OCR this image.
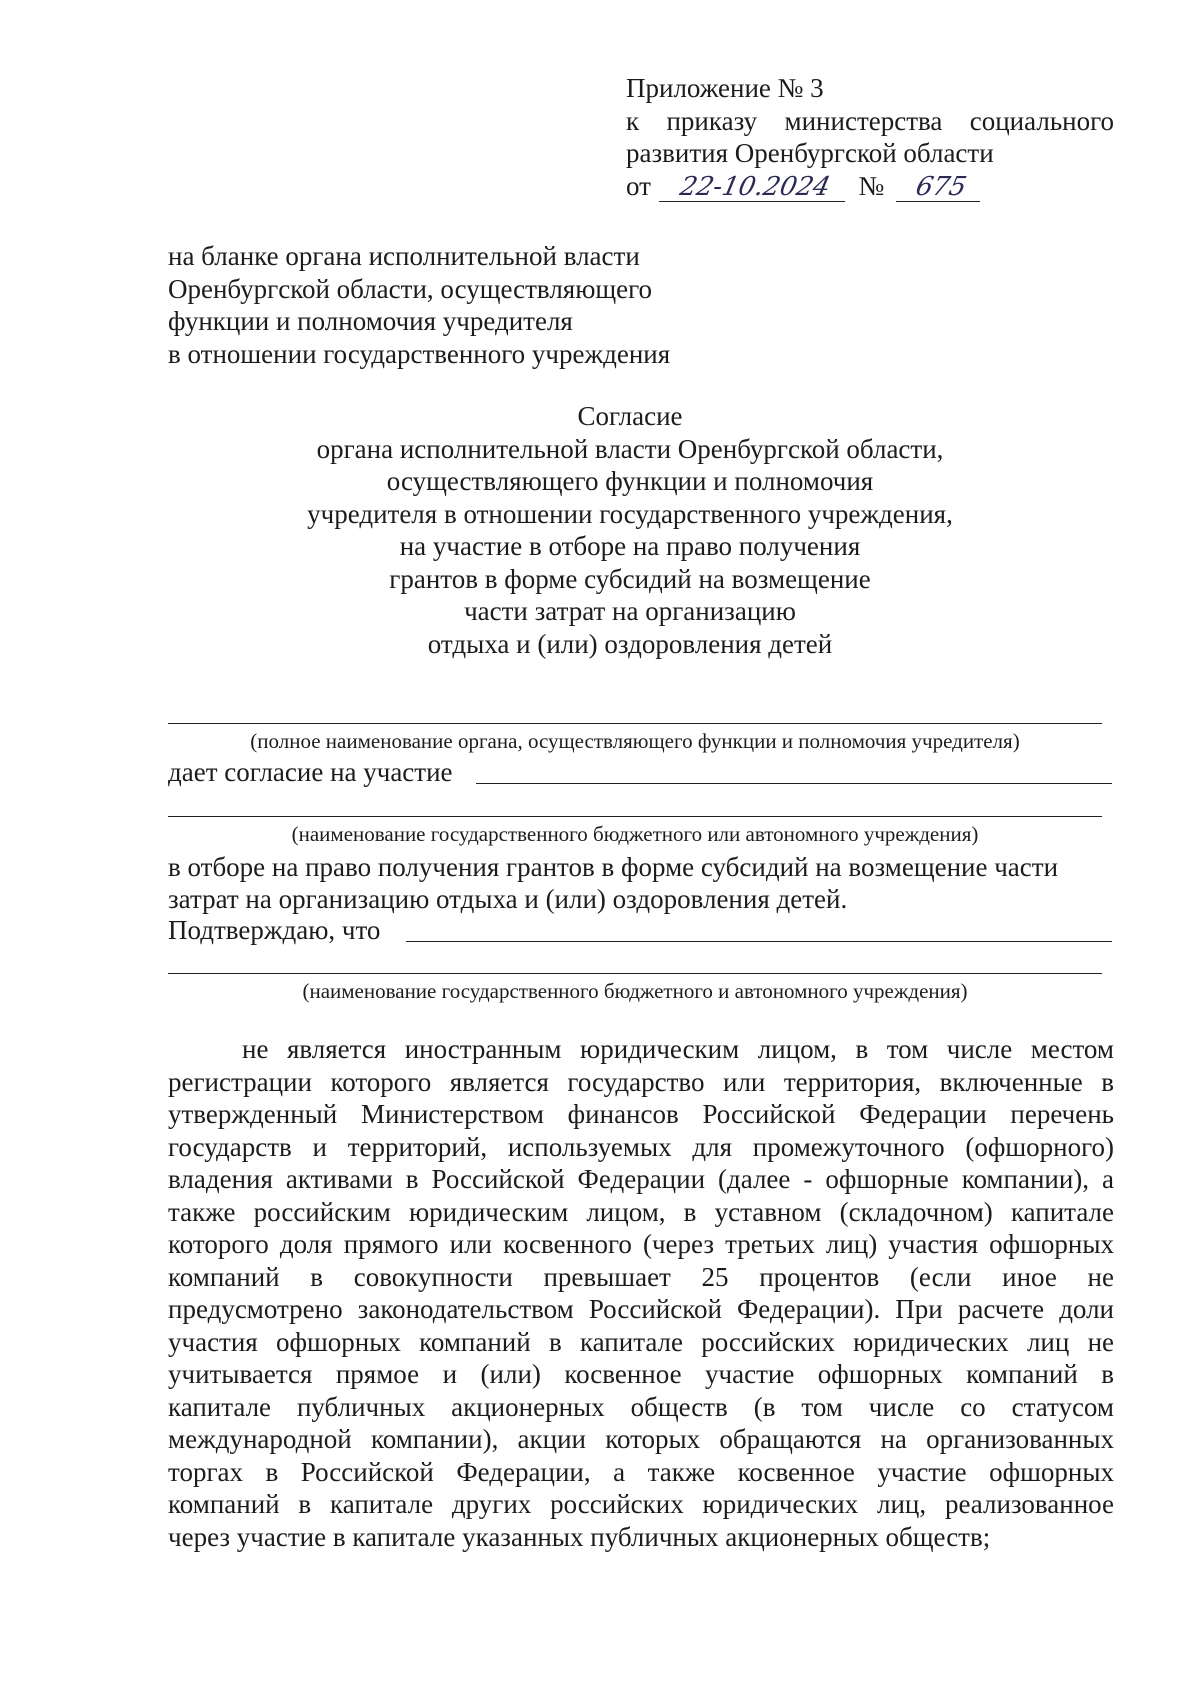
Приложение № 3
к приказу министерства социального
развития Оренбургской области
от 22-10.2024 № 675
на бланке органа исполнительной власти
Оренбургской области, осуществляющего
функции и полномочия учредителя
в отношении государственного учреждения
Согласие
органа исполнительной власти Оренбургской области,
осуществляющего функции и полномочия
учредителя в отношении государственного учреждения,
на участие в отборе на право получения
грантов в форме субсидий на возмещение
части затрат на организацию
отдыха и (или) оздоровления детей
(полное наименование органа, осуществляющего функции и полномочия учредителя)
дает согласие на участие
(наименование государственного бюджетного или автономного учреждения)
в отборе на право получения грантов в форме субсидий на возмещение части
затрат на организацию отдыха и (или) оздоровления детей.
Подтверждаю, что
(наименование государственного бюджетного и автономного учреждения)
не является иностранным юридическим лицом, в том числе местом
регистрации которого является государство или территория, включенные в
утвержденный Министерством финансов Российской Федерации перечень
государств и территорий, используемых для промежуточного (офшорного)
владения активами в Российской Федерации (далее - офшорные компании), а
также российским юридическим лицом, в уставном (складочном) капитале
которого доля прямого или косвенного (через третьих лиц) участия офшорных
компаний в совокупности превышает 25 процентов (если иное не
предусмотрено законодательством Российской Федерации). При расчете доли
участия офшорных компаний в капитале российских юридических лиц не
учитывается прямое и (или) косвенное участие офшорных компаний в
капитале публичных акционерных обществ (в том числе со статусом
международной компании), акции которых обращаются на организованных
торгах в Российской Федерации, а также косвенное участие офшорных
компаний в капитале других российских юридических лиц, реализованное
через участие в капитале указанных публичных акционерных обществ;
